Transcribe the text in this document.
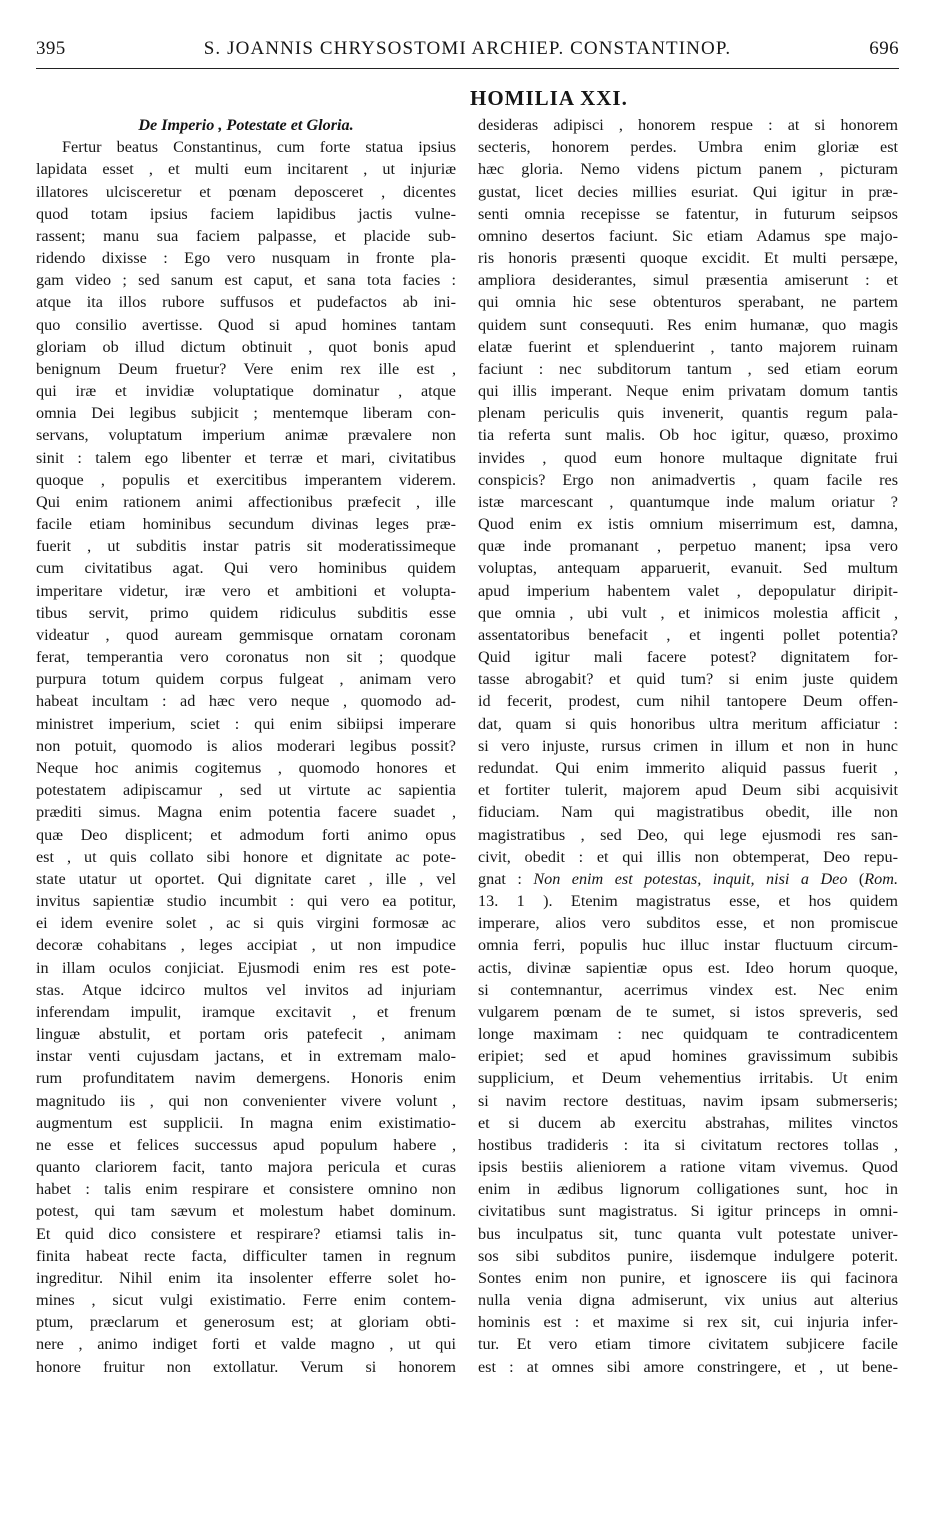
395	S. JOANNIS CHRYSOSTOMI ARCHIEP. CONSTANTINOP.	696
HOMILIA XXI.
De Imperio , Potestate et Gloria.
Fertur beatus Constantinus, cum forte statua ipsius
lapidata esset , et multi eum incitarent , ut injuriæ
illatores ulcisceretur et pœnam deposceret , dicentes
quod totam ipsius faciem lapidibus jactis vulne-
rassent; manu sua faciem palpasse, et placide sub-
ridendo dixisse : Ego vero nusquam in fronte pla-
gam video ; sed sanum est caput, et sana tota facies :
atque ita illos rubore suffusos et pudefactos ab ini-
quo consilio avertisse. Quod si apud homines tantam
gloriam ob illud dictum obtinuit , quot bonis apud
benignum Deum fruetur? Vere enim rex ille est ,
qui iræ et invidiæ voluptatique dominatur , atque
omnia Dei legibus subjicit ; mentemque liberam con-
servans, voluptatum imperium animæ prævalere non
sinit : talem ego libenter et terræ et mari, civitatibus
quoque , populis et exercitibus imperantem viderem.
Qui enim rationem animi affectionibus præfecit , ille
facile etiam hominibus secundum divinas leges præ-
fuerit , ut subditis instar patris sit moderatissimeque
cum civitatibus agat. Qui vero hominibus quidem
imperitare videtur, iræ vero et ambitioni et volupta-
tibus servit, primo quidem ridiculus subditis esse
videatur , quod auream gemmisque ornatam coronam
ferat, temperantia vero coronatus non sit ; quodque
purpura totum quidem corpus fulgeat , animam vero
habeat incultam : ad hæc vero neque , quomodo ad-
ministret imperium, sciet : qui enim sibiipsi imperare
non potuit, quomodo is alios moderari legibus possit?
Neque hoc animis cogitemus , quomodo honores et
potestatem adipiscamur , sed ut virtute ac sapientia
præditi simus. Magna enim potentia facere suadet ,
quæ Deo displicent; et admodum forti animo opus
est , ut quis collato sibi honore et dignitate ac pote-
state utatur ut oportet. Qui dignitate caret , ille , vel
invitus sapientiæ studio incumbit : qui vero ea potitur,
ei idem evenire solet , ac si quis virgini formosæ ac
decoræ cohabitans , leges accipiat , ut non impudice
in illam oculos conjiciat. Ejusmodi enim res est pote-
stas. Atque idcirco multos vel invitos ad injuriam
inferendam impulit, iramque excitavit , et frenum
linguæ abstulit, et portam oris patefecit , animam
instar venti cujusdam jactans, et in extremam malo-
rum profunditatem navim demergens. Honoris enim
magnitudo iis , qui non convenienter vivere volunt ,
augmentum est supplicii. In magna enim existimatio-
ne esse et felices successus apud populum habere ,
quanto clariorem facit, tanto majora pericula et curas
habet : talis enim respirare et consistere omnino non
potest, qui tam sævum et molestum habet dominum.
Et quid dico consistere et respirare? etiamsi talis in-
finita habeat recte facta, difficulter tamen in regnum
ingreditur. Nihil enim ita insolenter efferre solet ho-
mines , sicut vulgi existimatio. Ferre enim contem-
ptum, præclarum et generosum est; at gloriam obti-
nere , animo indiget forti et valde magno , ut qui
honore fruitur non extollatur. Verum si honorem
desideras adipisci , honorem respue : at si honorem
secteris, honorem perdes. Umbra enim gloriæ est
hæc gloria. Nemo videns pictum panem , picturam
gustat, licet decies millies esuriat. Qui igitur in præ-
senti omnia recepisse se fatentur, in futurum seipsos
omnino desertos faciunt. Sic etiam Adamus spe majo-
ris honoris præsenti quoque excidit. Et multi persæpe,
ampliora desiderantes, simul præsentia amiserunt : et
qui omnia hic sese obtenturos sperabant, ne partem
quidem sunt consequuti. Res enim humanæ, quo magis
elatæ fuerint et splenduerint , tanto majorem ruinam
faciunt : nec subditorum tantum , sed etiam eorum
qui illis imperant. Neque enim privatam domum tantis
plenam periculis quis invenerit, quantis regum pala-
tia referta sunt malis. Ob hoc igitur, quæso, proximo
invides , quod eum honore multaque dignitate frui
conspicis? Ergo non animadvertis , quam facile res
istæ marcescant , quantumque inde malum oriatur ?
Quod enim ex istis omnium miserrimum est, damna,
quæ inde promanant , perpetuo manent; ipsa vero
voluptas, antequam apparuerit, evanuit. Sed multum
apud imperium habentem valet , depopulatur diripit-
que omnia , ubi vult , et inimicos molestia afficit ,
assentatoribus benefacit , et ingenti pollet potentia?
Quid igitur mali facere potest? dignitatem for-
tasse abrogabit? et quid tum? si enim juste quidem
id fecerit, prodest, cum nihil tantopere Deum offen-
dat, quam si quis honoribus ultra meritum afficiatur :
si vero injuste, rursus crimen in illum et non in hunc
redundat. Qui enim immerito aliquid passus fuerit ,
et fortiter tulerit, majorem apud Deum sibi acquisivit
fiduciam. Nam qui magistratibus obedit, ille non
magistratibus , sed Deo, qui lege ejusmodi res san-
civit, obedit : et qui illis non obtemperat, Deo repu-
gnat : Non enim est potestas, inquit, nisi a Deo (Rom.
13. 1 ). Etenim magistratus esse, et hos quidem
imperare, alios vero subditos esse, et non promiscue
omnia ferri, populis huc illuc instar fluctuum circum-
actis, divinæ sapientiæ opus est. Ideo horum quoque,
si contemnantur, acerrimus vindex est. Nec enim
vulgarem pœnam de te sumet, si istos spreveris, sed
longe maximam : nec quidquam te contradicentem
eripiet; sed et apud homines gravissimum subibis
supplicium, et Deum vehementius irritabis. Ut enim
si navim rectore destituas, navim ipsam submerseris;
et si ducem ab exercitu abstrahas, milites vinctos
hostibus tradideris : ita si civitatum rectores tollas ,
ipsis bestiis alieniorem a ratione vitam vivemus. Quod
enim in ædibus lignorum colligationes sunt, hoc in
civitatibus sunt magistratus. Si igitur princeps in omni-
bus inculpatus sit, tunc quanta vult potestate univer-
sos sibi subditos punire, iisdemque indulgere poterit.
Sontes enim non punire, et ignoscere iis qui facinora
nulla venia digna admiserunt, vix unius aut alterius
hominis est : et maxime si rex sit, cui injuria infer-
tur. Et vero etiam timore civitatem subjicere facile
est : at omnes sibi amore constringere, et , ut bene-
